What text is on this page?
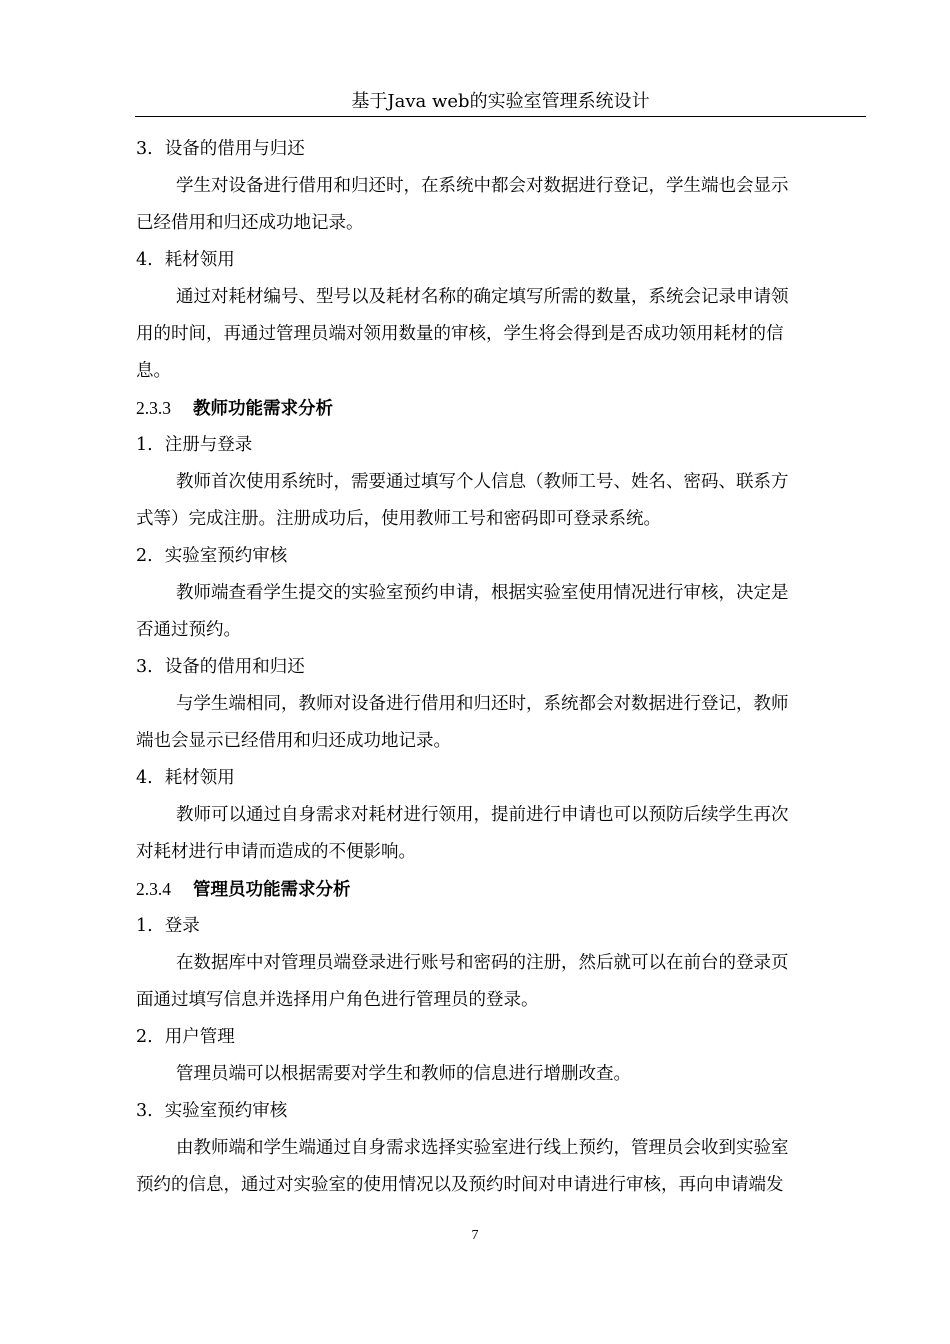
基于Java web的实验室管理系统设计
3. 设备的借用与归还
学生对设备进行借用和归还时，在系统中都会对数据进行登记，学生端也会显示
已经借用和归还成功地记录。
4. 耗材领用
通过对耗材编号、型号以及耗材名称的确定填写所需的数量，系统会记录申请领
用的时间，再通过管理员端对领用数量的审核，学生将会得到是否成功领用耗材的信
息。
2.3.3 教师功能需求分析
1. 注册与登录
教师首次使用系统时，需要通过填写个人信息（教师工号、姓名、密码、联系方
式等）完成注册。注册成功后，使用教师工号和密码即可登录系统。
2. 实验室预约审核
教师端查看学生提交的实验室预约申请，根据实验室使用情况进行审核，决定是
否通过预约。
3. 设备的借用和归还
与学生端相同，教师对设备进行借用和归还时，系统都会对数据进行登记，教师
端也会显示已经借用和归还成功地记录。
4. 耗材领用
教师可以通过自身需求对耗材进行领用，提前进行申请也可以预防后续学生再次
对耗材进行申请而造成的不便影响。
2.3.4 管理员功能需求分析
1. 登录
在数据库中对管理员端登录进行账号和密码的注册，然后就可以在前台的登录页
面通过填写信息并选择用户角色进行管理员的登录。
2. 用户管理
管理员端可以根据需要对学生和教师的信息进行增删改查。
3. 实验室预约审核
由教师端和学生端通过自身需求选择实验室进行线上预约，管理员会收到实验室
预约的信息，通过对实验室的使用情况以及预约时间对申请进行审核，再向申请端发
7
